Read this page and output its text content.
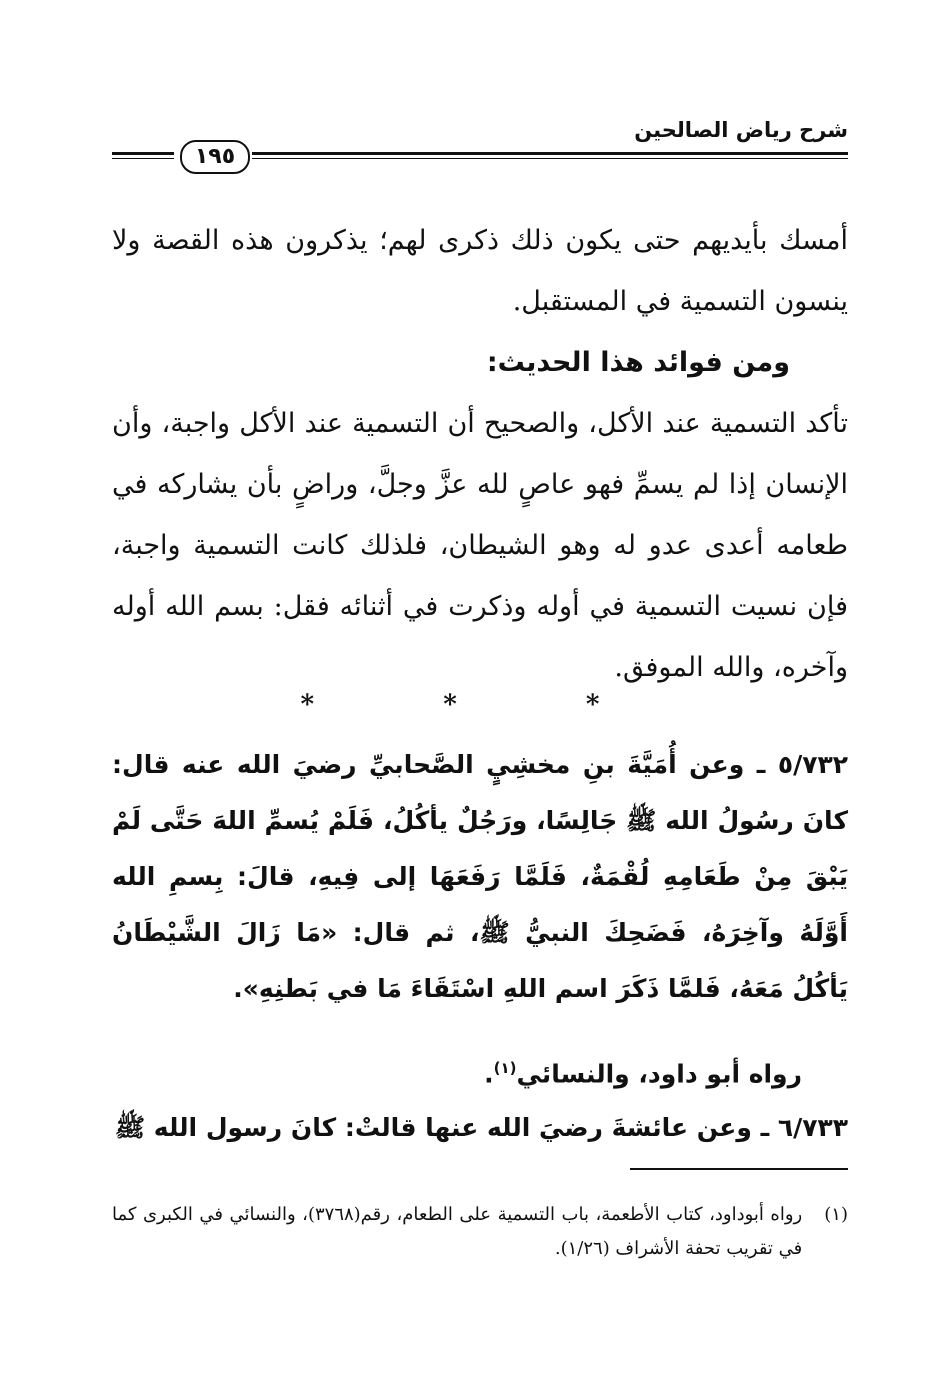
شرح رياض الصالحين
١٩٥
أمسك بأيديهم حتى يكون ذلك ذكرى لهم؛ يذكرون هذه القصة ولا ينسون التسمية في المستقبل.
ومن فوائد هذا الحديث:
تأكد التسمية عند الأكل، والصحيح أن التسمية عند الأكل واجبة، وأن الإنسان إذا لم يسمِّ فهو عاصٍ لله عزَّ وجلَّ، وراضٍ بأن يشاركه في طعامه أعدى عدو له وهو الشيطان، فلذلك كانت التسمية واجبة، فإن نسيت التسمية في أوله وذكرت في أثنائه فقل: بسم الله أوله وآخره، والله الموفق.
* * *
٥/٧٣٢ ـ وعن أُمَيَّةَ بنِ مخشِيٍ الصَّحابيِّ رضيَ الله عنه قال: كانَ رسُولُ الله ﷺ جَالِسًا، ورَجُلٌ يأكُلُ، فَلَمْ يُسمِّ اللهَ حَتَّى لَمْ يَبْقَ مِنْ طَعَامِهِ لُقْمَةٌ، فَلَمَّا رَفَعَهَا إلى فِيهِ، قالَ: بِسمِ الله أَوَّلَهُ وآخِرَهُ، فَضَحِكَ النبيُّ ﷺ، ثم قال: «مَا زَالَ الشَّيْطَانُ يَأكُلُ مَعَهُ، فَلمَّا ذَكَرَ اسم اللهِ اسْتَقَاءَ مَا في بَطنِهِ».
رواه أبو داود، والنسائي$^{(١)}$.
٦/٧٣٣ ـ وعن عائشةَ رضيَ الله عنها قالتْ: كانَ رسول الله ﷺ
(١)
رواه أبوداود، كتاب الأطعمة، باب التسمية على الطعام، رقم(٣٧٦٨)، والنسائي في الكبرى كما في تقريب تحفة الأشراف (١/٢٦).
